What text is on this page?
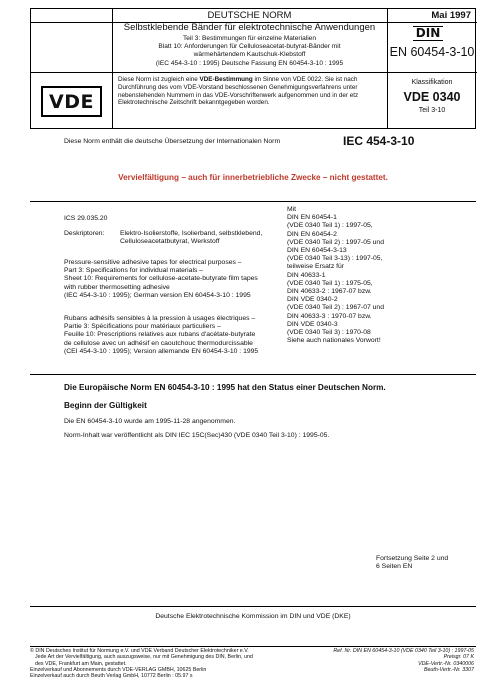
DEUTSCHE NORM	Mai 1997
Selbstklebende Bänder für elektrotechnische Anwendungen
Teil 3: Bestimmungen für einzelne Materialien
Blatt 10: Anforderungen für Celluloseacetat-butyrat-Bänder mit
wärmehärtendem Kautschuk-Klebstoff
(IEC 454-3-10 : 1995) Deutsche Fassung EN 60454-3-10 : 1995
VDE
Diese Norm ist zugleich eine VDE-Bestimmung im Sinne von VDE 0022. Sie ist nach Durchführung des vom VDE-Vorstand beschlossenen Genehmigungsverfahrens unter nebenstehenden Nummern in das VDE-Vorschriftenwerk aufgenommen und in der etz Elektrotechnische Zeitschrift bekanntgegeben worden.
DIN
EN 60454-3-10
Klassifikation
VDE 0340
Teil 3-10
Diese Norm enthält die deutsche Übersetzung der Internationalen Norm	IEC 454-3-10
Vervielfältigung – auch für innerbetriebliche Zwecke – nicht gestattet.
ICS 29.035.20
Deskriptoren:	Elektro-Isolierstoffe, Isolierband, selbstklebend, Celluloseacetatbutyrat, Werkstoff
Pressure-sensitive adhesive tapes for electrical purposes –
Part 3: Specifications for individual materials –
Sheet 10: Requirements for cellulose-acetate-butyrate film tapes
with rubber thermosetting adhesive
(IEC 454-3-10 : 1995); German version EN 60454-3-10 : 1995
Rubans adhésifs sensibles à la pression à usages électriques –
Partie 3: Spécifications pour matériaux particuliers –
Feuille 10: Prescriptions relatives aux rubans d'acétate-butyrate
de cellulose avec un adhésif en caoutchouc thermodurcissable
(CEI 454-3-10 : 1995); Version allemande EN 60454-3-10 : 1995
Mit
DIN EN 60454-1
(VDE 0340 Teil 1) : 1997-05,
DIN EN 60454-2
(VDE 0340 Teil 2) : 1997-05 und
DIN EN 60454-3-13
(VDE 0340 Teil 3-13) : 1997-05,
teilweise Ersatz für
DIN 40633-1
(VDE 0340 Teil 1) : 1975-05,
DIN 40633-2 : 1967-07 bzw.
DIN VDE 0340-2
(VDE 0340 Teil 2) : 1967-07 und
DIN 40633-3 : 1970-07 bzw.
DIN VDE 0340-3
(VDE 0340 Teil 3) : 1970-08
Siehe auch nationales Vorwort!
Die Europäische Norm EN 60454-3-10 : 1995 hat den Status einer Deutschen Norm.
Beginn der Gültigkeit
Die EN 60454-3-10 wurde am 1995-11-28 angenommen.
Norm-Inhalt war veröffentlicht als DIN IEC 15C(Sec)430 (VDE 0340 Teil 3-10) : 1995-05.
Fortsetzung Seite 2 und
6 Seiten EN
Deutsche Elektrotechnische Kommission im DIN und VDE (DKE)
© DIN Deutsches Institut für Normung e.V. und VDE Verband Deutscher Elektrotechniker e.V.
Jede Art der Vervielfältigung, auch auszugsweise, nur mit Genehmigung des DIN, Berlin, und
des VDE, Frankfurt am Main, gestattet.
Einzelverkauf und Abonnements durch VDE-VERLAG GMBH, 10625 Berlin
Einzelverkauf auch durch Beuth Verlag GmbH, 10772 Berlin : 05.97 s
Ref. Nr. DIN EN 60454-3-10 (VDE 0340 Teil 3-10) : 1997-05
Preisgr. 07 K
VDE-Vertr.-Nr. 0340006
Beuth-Vertr.-Nr. 3307
